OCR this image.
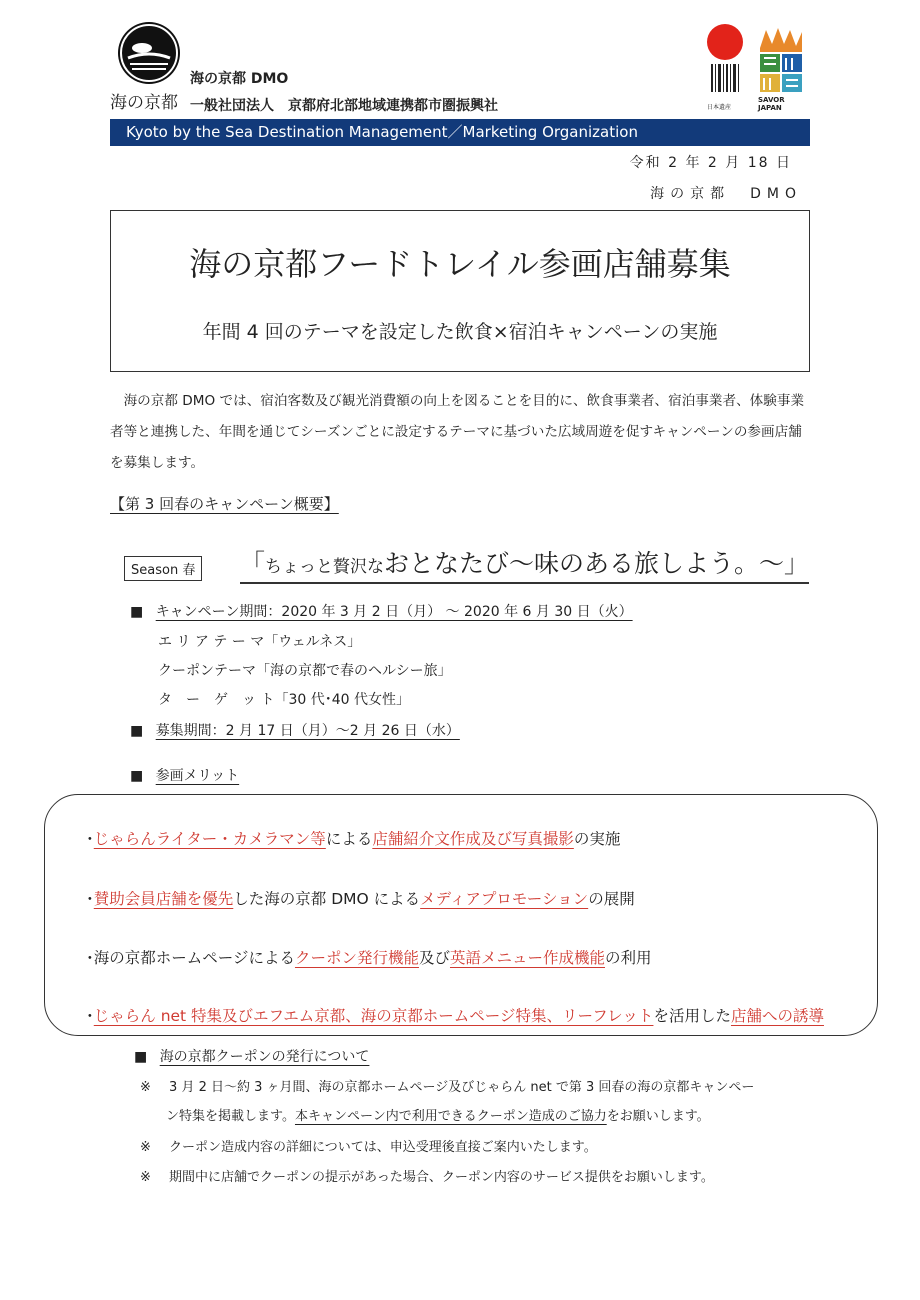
海の京都
海の京都 DMO
一般社団法人　京都府北部地域連携都市圏振興社	日本遺産
SAVOR JAPAN
Kyoto by the Sea Destination Management／Marketing Organization
令和 2 年 2 月 18 日
海の京都　DMO
海の京都フードトレイル参画店舗募集
年間 4 回のテーマを設定した飲食×宿泊キャンペーンの実施
海の京都 DMO では、宿泊客数及び観光消費額の向上を図ることを目的に、飲食事業者、宿泊事業者、体験事業者等と連携した、年間を通じてシーズンごとに設定するテーマに基づいた広域周遊を促すキャンペーンの参画店舗を募集します。
【第 3 回春のキャンペーン概要】
Season 春 「ちょっと贅沢なおとなたび〜味のある旅しよう。〜」
■ キャンペーン期間：2020 年 3 月 2 日（月） 〜 2020 年 6 月 30 日（火）
エ リ ア テ ー マ「ウェルネス」
クーポンテーマ「海の京都で春のヘルシー旅」
タ　ー　ゲ　ッ ト「30 代･40 代女性」
■ 募集期間：2 月 17 日（月）〜2 月 26 日（水）
■ 参画メリット
･じゃらんライター・カメラマン等による店舗紹介文作成及び写真撮影の実施
･賛助会員店舗を優先した海の京都 DMO によるメディアプロモーションの展開
･海の京都ホームページによるクーポン発行機能及び英語メニュー作成機能の利用
･じゃらん net 特集及びエフエム京都、海の京都ホームページ特集、リーフレットを活用した店舗への誘導
■ 海の京都クーポンの発行について
※ 3 月 2 日〜約 3 ヶ月間、海の京都ホームページ及びじゃらん net で第 3 回春の海の京都キャンペー
ン特集を掲載します。本キャンペーン内で利用できるクーポン造成のご協力をお願いします。
※ クーポン造成内容の詳細については、申込受理後直接ご案内いたします。
※ 期間中に店舗でクーポンの提示があった場合、クーポン内容のサービス提供をお願いします。
